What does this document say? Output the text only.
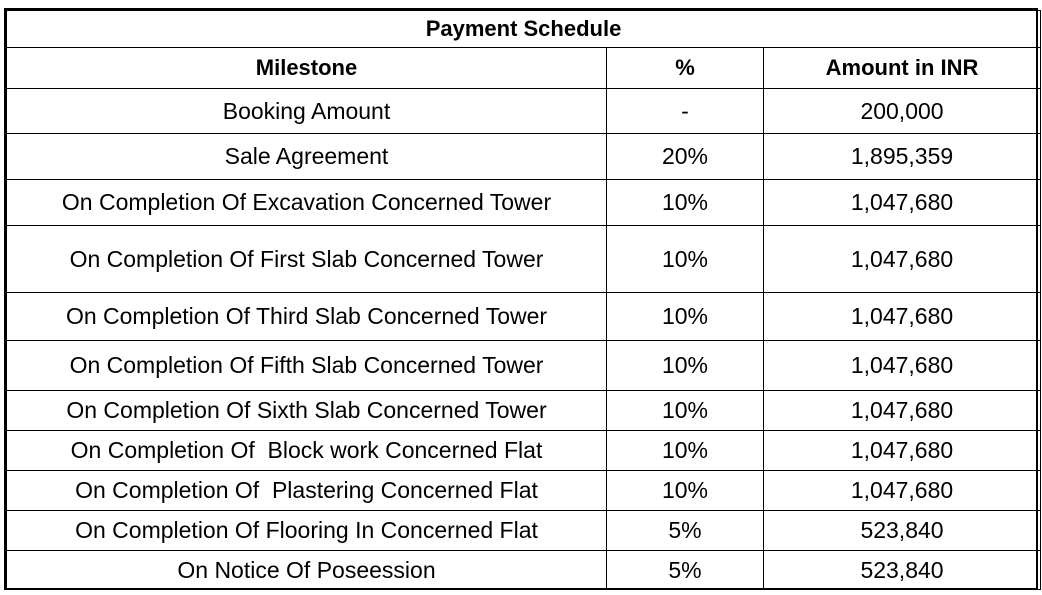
Payment Schedule		
Milestone	%	Amount in INR
Booking Amount	-	200,000
Sale Agreement	20%	1,895,359
On Completion Of Excavation Concerned Tower	10%	1,047,680
On Completion Of First Slab Concerned Tower	10%	1,047,680
On Completion Of Third Slab Concerned Tower	10%	1,047,680
On Completion Of Fifth Slab Concerned Tower	10%	1,047,680
On Completion Of Sixth Slab Concerned Tower	10%	1,047,680
On Completion Of  Block work Concerned Flat	10%	1,047,680
On Completion Of  Plastering Concerned Flat	10%	1,047,680
On Completion Of Flooring In Concerned Flat	5%	523,840
On Notice Of Poseession	5%	523,840
